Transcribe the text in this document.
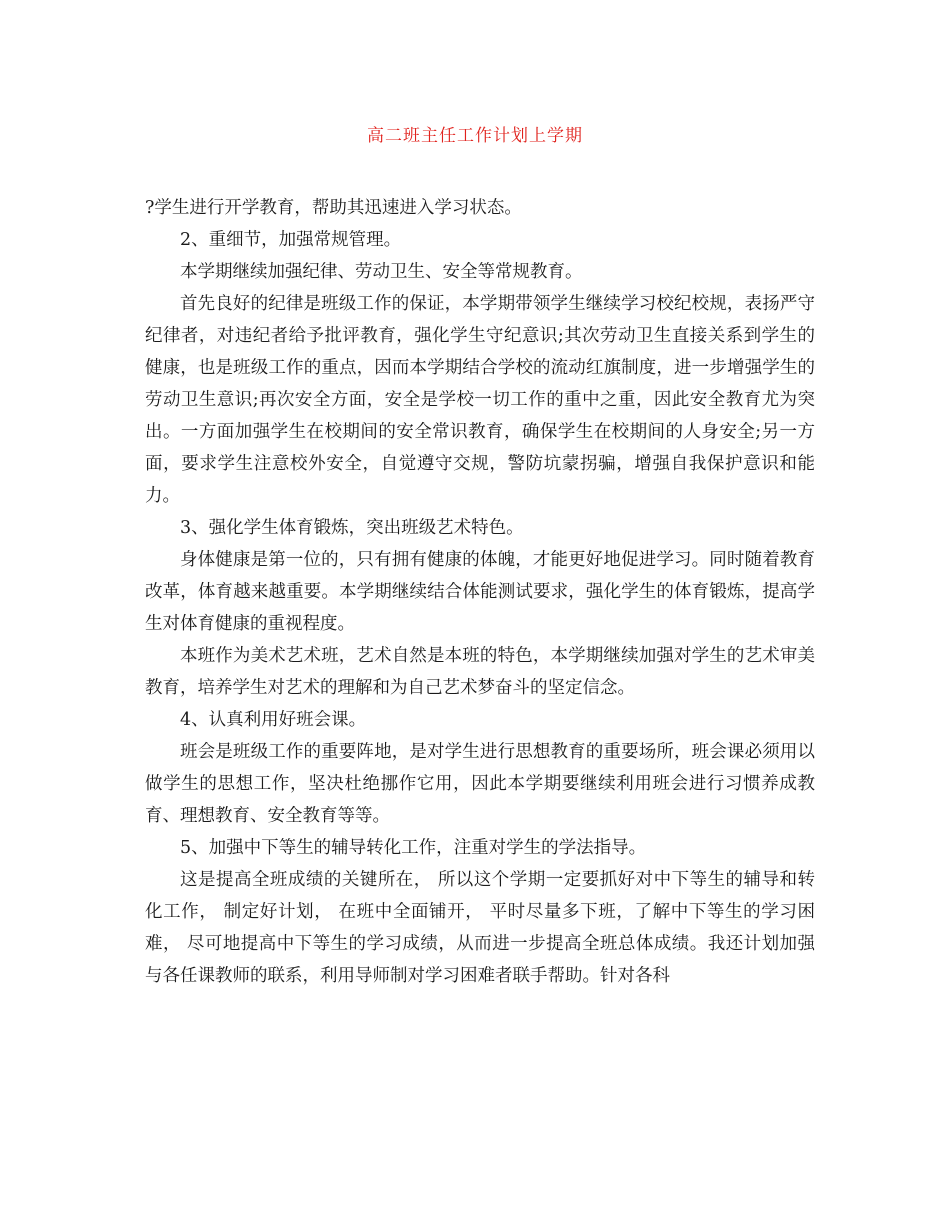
高二班主任工作计划上学期

?学生进行开学教育，帮助其迅速进入学习状态。

2、重细节，加强常规管理。

本学期继续加强纪律、劳动卫生、安全等常规教育。

首先良好的纪律是班级工作的保证，本学期带领学生继续学习校纪校规，表扬严守纪律者，对违纪者给予批评教育，强化学生守纪意识;其次劳动卫生直接关系到学生的健康，也是班级工作的重点，因而本学期结合学校的流动红旗制度，进一步增强学生的劳动卫生意识;再次安全方面，安全是学校一切工作的重中之重，因此安全教育尤为突出。一方面加强学生在校期间的安全常识教育，确保学生在校期间的人身安全;另一方面，要求学生注意校外安全，自觉遵守交规，警防坑蒙拐骗，增强自我保护意识和能力。

3、强化学生体育锻炼，突出班级艺术特色。

身体健康是第一位的，只有拥有健康的体魄，才能更好地促进学习。同时随着教育改革，体育越来越重要。本学期继续结合体能测试要求，强化学生的体育锻炼，提高学生对体育健康的重视程度。

本班作为美术艺术班，艺术自然是本班的特色，本学期继续加强对学生的艺术审美教育，培养学生对艺术的理解和为自己艺术梦奋斗的坚定信念。

4、认真利用好班会课。

班会是班级工作的重要阵地，是对学生进行思想教育的重要场所，班会课必须用以做学生的思想工作，坚决杜绝挪作它用，因此本学期要继续利用班会进行习惯养成教育、理想教育、安全教育等等。

5、加强中下等生的辅导转化工作，注重对学生的学法指导。

这是提高全班成绩的关键所在， 所以这个学期一定要抓好对中下等生的辅导和转化工作， 制定好计划， 在班中全面铺开， 平时尽量多下班，了解中下等生的学习困难， 尽可地提高中下等生的学习成绩，从而进一步提高全班总体成绩。我还计划加强与各任课教师的联系，利用导师制对学习困难者联手帮助。针对各科
